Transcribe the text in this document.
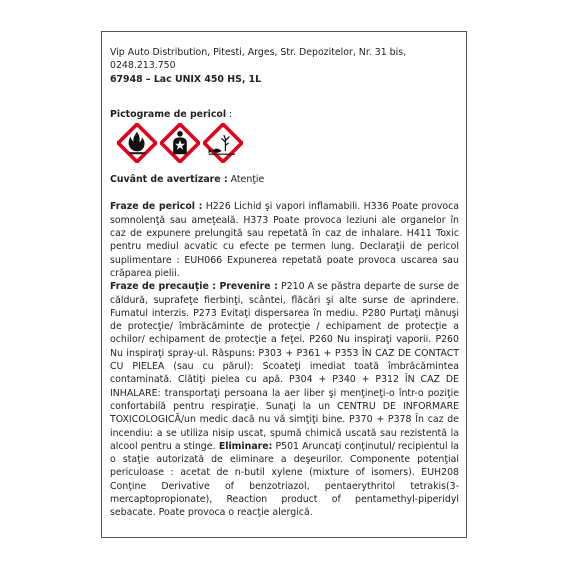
Vip Auto Distribution, Pitesti, Arges, Str. Depozitelor, Nr. 31 bis, 0248.213.750

67948 – Lac UNIX 450 HS, 1L

Pictograme de pericol :
Cuvânt de avertizare : Atenţie

Fraze de pericol : H226 Lichid şi vapori inflamabili. H336 Poate provoca somnolenţă sau ameţeală. H373 Poate provoca leziuni ale organelor în caz de expunere prelungită sau repetată în caz de inhalare. H411 Toxic pentru mediul acvatic cu efecte pe termen lung. Declaraţii de pericol suplimentare : EUH066 Expunerea repetată poate provoca uscarea sau crăparea pielii.

Fraze de precauţie : Prevenire : P210 A se păstra departe de surse de căldură, suprafeţe fierbinţi, scântei, flăcări şi alte surse de aprindere. Fumatul interzis. P273 Evitaţi dispersarea în mediu. P280 Purtaţi mănuşi de protecţie/ îmbrăcăminte de protecţie / echipament de protecţie a ochilor/ echipament de protecţie a feţei. P260 Nu inspiraţi vaporii. P260 Nu inspiraţi spray-ul. Răspuns: P303 + P361 + P353 ÎN CAZ DE CONTACT CU PIELEA (sau cu părul): Scoateţi imediat toată îmbrăcămintea contaminată. Clătiţi pielea cu apă. P304 + P340 + P312 ÎN CAZ DE INHALARE: transportaţi persoana la aer liber şi menţineţi-o într-o poziţie confortabilă pentru respiraţie. Sunaţi la un CENTRU DE INFORMARE TOXICOLOGICĂ/un medic dacă nu vă simţiţi bine. P370 + P378 În caz de incendiu: a se utiliza nisip uscat, spumă chimică uscată sau rezistentă la alcool pentru a stinge. Eliminare: P501 Aruncaţi conţinutul/ recipientul la o staţie autorizată de eliminare a deşeurilor. Componente potenţial periculoase : acetat de n-butil xylene (mixture of isomers). EUH208 Conţine Derivative of benzotriazol, pentaerythritol tetrakis(3- mercaptopropionate), Reaction product of pentamethyl-piperidyl sebacate. Poate provoca o reacţie alergică.
